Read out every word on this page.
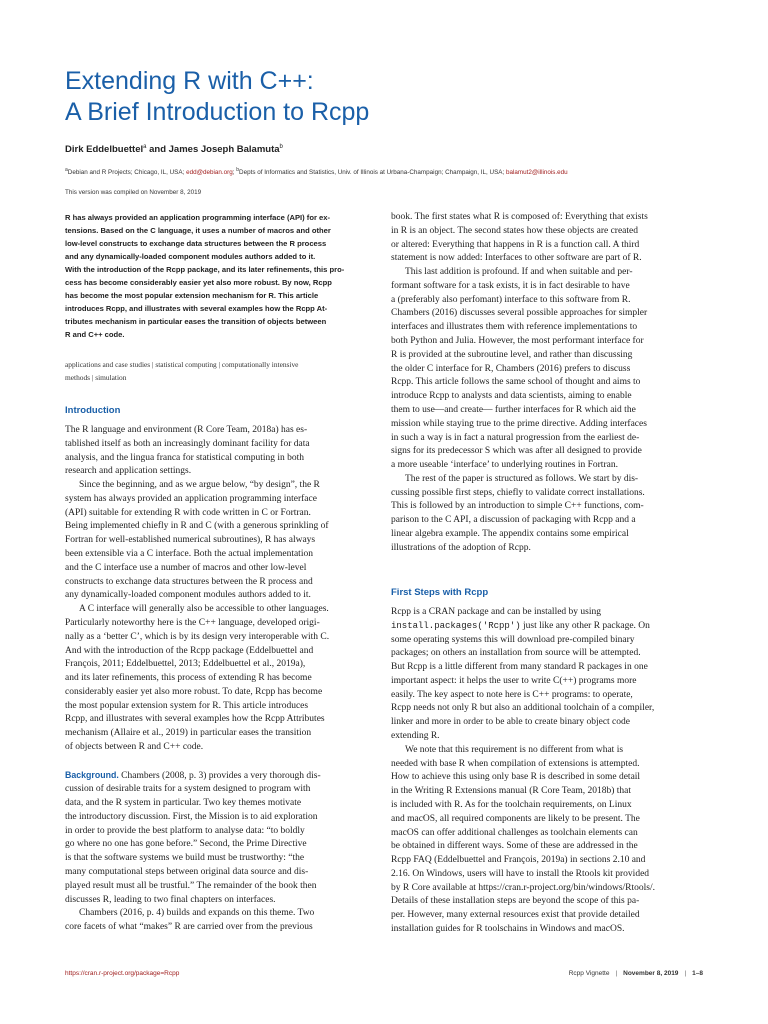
Extending R with C++:
A Brief Introduction to Rcpp
Dirk Eddelbuettel$^a$ and James Joseph Balamuta$^b$
$^a$Debian and R Projects; Chicago, IL, USA; edd@debian.org; $^b$Depts of Informatics and Statistics, Univ. of Illinois at Urbana-Champaign; Champaign, IL, USA; balamut2@illinois.edu
This version was compiled on November 8, 2019
R has always provided an application programming interface (API) for ex-
tensions. Based on the C language, it uses a number of macros and other
low-level constructs to exchange data structures between the R process
and any dynamically-loaded component modules authors added to it.
With the introduction of the Rcpp package, and its later refinements, this pro-
cess has become considerably easier yet also more robust. By now, Rcpp
has become the most popular extension mechanism for R. This article
introduces Rcpp, and illustrates with several examples how the Rcpp At-
tributes mechanism in particular eases the transition of objects between
R and C++ code.
applications and case studies | statistical computing | computationally intensive
methods | simulation
Introduction
The R language and environment (R Core Team, 2018a) has es-
tablished itself as both an increasingly dominant facility for data
analysis, and the lingua franca for statistical computing in both
research and application settings.
Since the beginning, and as we argue below, “by design”, the R
system has always provided an application programming interface
(API) suitable for extending R with code written in C or Fortran.
Being implemented chiefly in R and C (with a generous sprinkling of
Fortran for well-established numerical subroutines), R has always
been extensible via a C interface. Both the actual implementation
and the C interface use a number of macros and other low-level
constructs to exchange data structures between the R process and
any dynamically-loaded component modules authors added to it.
A C interface will generally also be accessible to other languages.
Particularly noteworthy here is the C++ language, developed origi-
nally as a ‘better C’, which is by its design very interoperable with C.
And with the introduction of the Rcpp package (Eddelbuettel and
François, 2011; Eddelbuettel, 2013; Eddelbuettel et al., 2019a),
and its later refinements, this process of extending R has become
considerably easier yet also more robust. To date, Rcpp has become
the most popular extension system for R. This article introduces
Rcpp, and illustrates with several examples how the Rcpp Attributes
mechanism (Allaire et al., 2019) in particular eases the transition
of objects between R and C++ code.
Background. Chambers (2008, p. 3) provides a very thorough dis-
cussion of desirable traits for a system designed to program with
data, and the R system in particular. Two key themes motivate
the introductory discussion. First, the Mission is to aid exploration
in order to provide the best platform to analyse data: “to boldly
go where no one has gone before.” Second, the Prime Directive
is that the software systems we build must be trustworthy: “the
many computational steps between original data source and dis-
played result must all be trustful.” The remainder of the book then
discusses R, leading to two final chapters on interfaces.
Chambers (2016, p. 4) builds and expands on this theme. Two
core facets of what “makes” R are carried over from the previous
book. The first states what R is composed of: Everything that exists
in R is an object. The second states how these objects are created
or altered: Everything that happens in R is a function call. A third
statement is now added: Interfaces to other software are part of R.
This last addition is profound. If and when suitable and per-
formant software for a task exists, it is in fact desirable to have
a (preferably also perfomant) interface to this software from R.
Chambers (2016) discusses several possible approaches for simpler
interfaces and illustrates them with reference implementations to
both Python and Julia. However, the most performant interface for
R is provided at the subroutine level, and rather than discussing
the older C interface for R, Chambers (2016) prefers to discuss
Rcpp. This article follows the same school of thought and aims to
introduce Rcpp to analysts and data scientists, aiming to enable
them to use—and create— further interfaces for R which aid the
mission while staying true to the prime directive. Adding interfaces
in such a way is in fact a natural progression from the earliest de-
signs for its predecessor S which was after all designed to provide
a more useable ‘interface’ to underlying routines in Fortran.
The rest of the paper is structured as follows. We start by dis-
cussing possible first steps, chiefly to validate correct installations.
This is followed by an introduction to simple C++ functions, com-
parison to the C API, a discussion of packaging with Rcpp and a
linear algebra example. The appendix contains some empirical
illustrations of the adoption of Rcpp.
First Steps with Rcpp
Rcpp is a CRAN package and can be installed by using
install.packages('Rcpp') just like any other R package. On
some operating systems this will download pre-compiled binary
packages; on others an installation from source will be attempted.
But Rcpp is a little different from many standard R packages in one
important aspect: it helps the user to write C(++) programs more
easily. The key aspect to note here is C++ programs: to operate,
Rcpp needs not only R but also an additional toolchain of a compiler,
linker and more in order to be able to create binary object code
extending R.
We note that this requirement is no different from what is
needed with base R when compilation of extensions is attempted.
How to achieve this using only base R is described in some detail
in the Writing R Extensions manual (R Core Team, 2018b) that
is included with R. As for the toolchain requirements, on Linux
and macOS, all required components are likely to be present. The
macOS can offer additional challenges as toolchain elements can
be obtained in different ways. Some of these are addressed in the
Rcpp FAQ (Eddelbuettel and François, 2019a) in sections 2.10 and
2.16. On Windows, users will have to install the Rtools kit provided
by R Core available at https://cran.r-project.org/bin/windows/Rtools/.
Details of these installation steps are beyond the scope of this pa-
per. However, many external resources exist that provide detailed
installation guides for R toolschains in Windows and macOS.
https://cran.r-project.org/package=Rcpp	Rcpp Vignette | November 8, 2019 | 1–8
